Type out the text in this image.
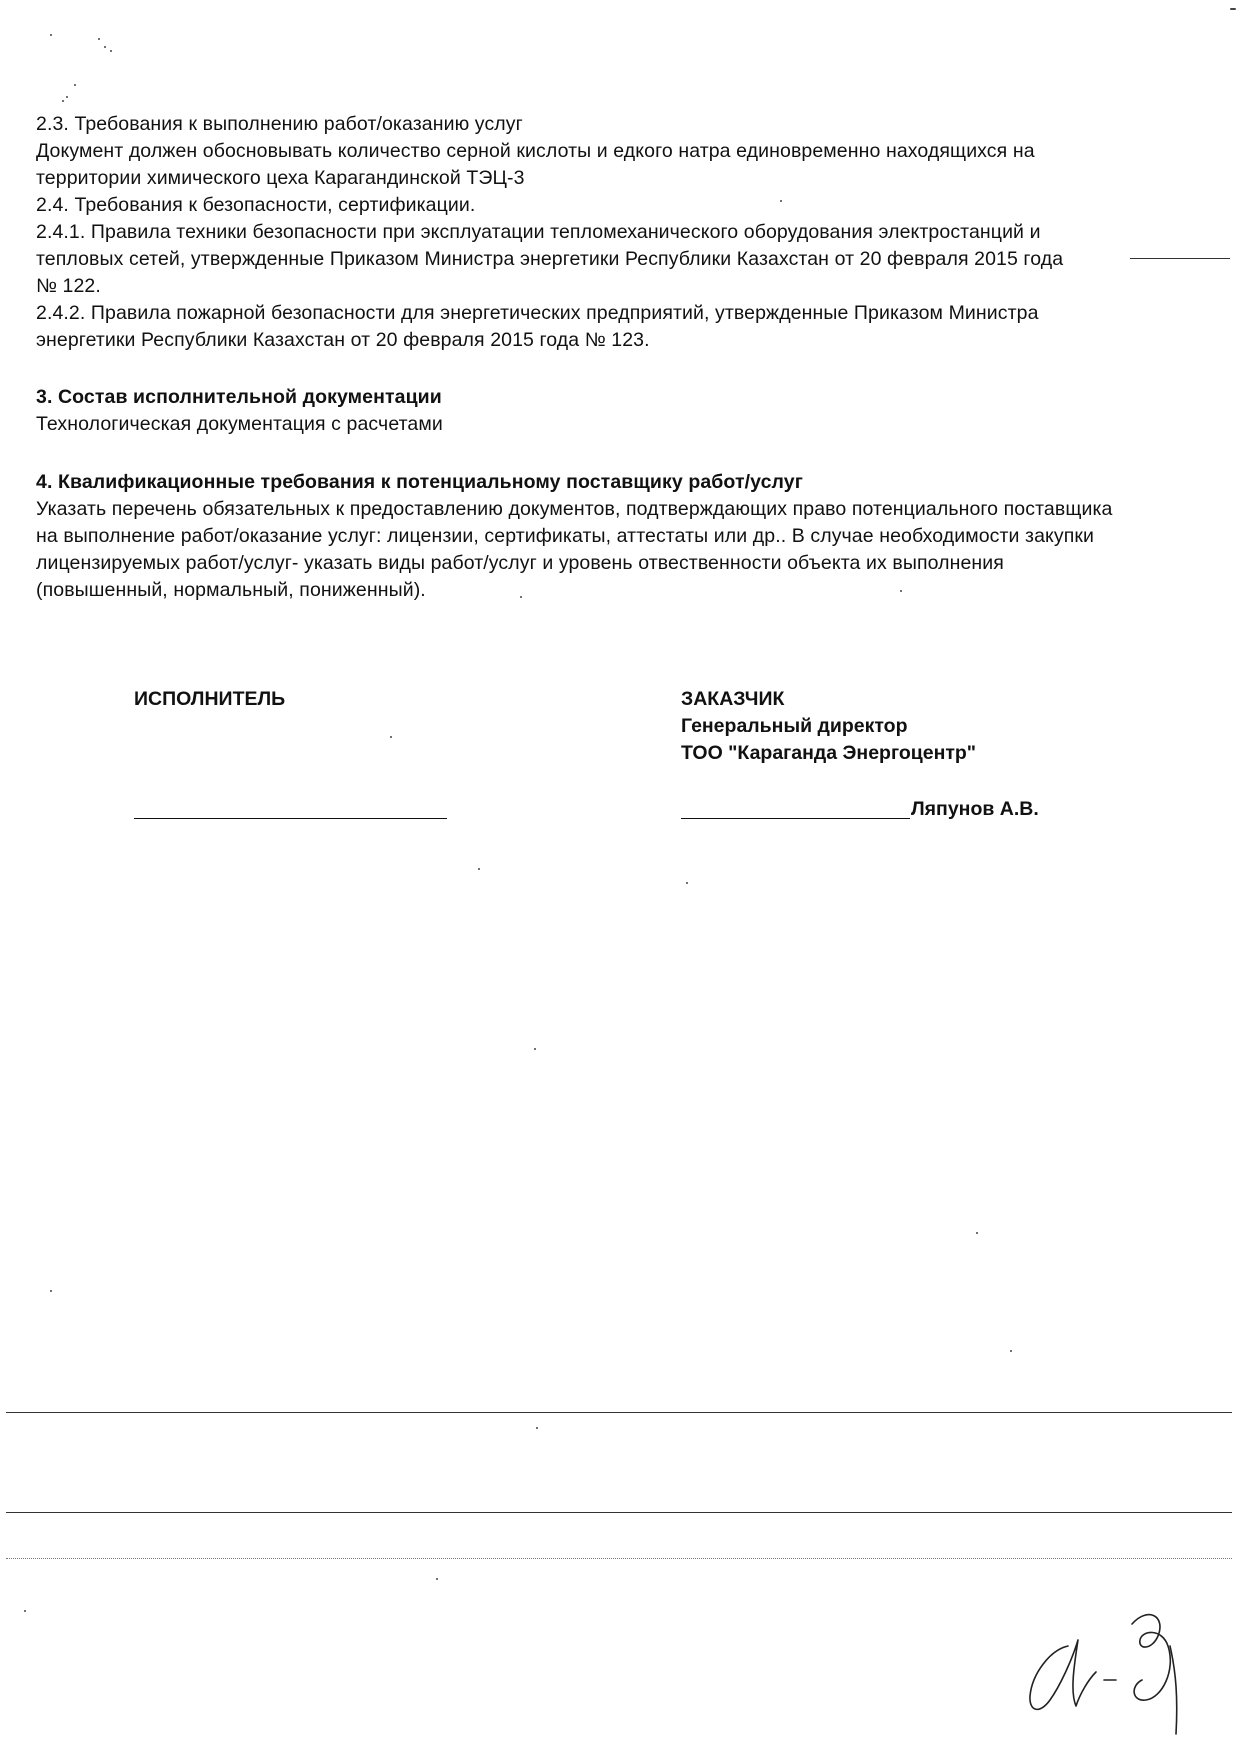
2.3. Требования к выполнению работ/оказанию услуг
Документ должен обосновывать количество серной кислоты и едкого натра единовременно находящихся на
территории химического цеха Карагандинской ТЭЦ-3
2.4. Требования к безопасности, сертификации.
2.4.1. Правила техники безопасности при эксплуатации тепломеханического оборудования электростанций и
тепловых сетей, утвержденные Приказом Министра энергетики Республики Казахстан от 20 февраля 2015 года
№ 122.
2.4.2. Правила пожарной безопасности для энергетических предприятий, утвержденные Приказом Министра
энергетики Республики Казахстан от 20 февраля 2015 года № 123.
3. Состав исполнительной документации
Технологическая документация с расчетами
4. Квалификационные требования к потенциальному поставщику работ/услуг
Указать перечень обязательных к предоставлению документов, подтверждающих право потенциального поставщика
на выполнение работ/оказание услуг: лицензии, сертификаты, аттестаты или др.. В случае необходимости закупки
лицензируемых работ/услуг- указать виды работ/услуг и уровень отвественности объекта их выполнения
(повышенный, нормальный, пониженный).
ИСПОЛНИТЕЛЬ	ЗАКАЗЧИК
Генеральный директор
ТОО "Караганда Энергоцентр"
Ляпунов А.В.
